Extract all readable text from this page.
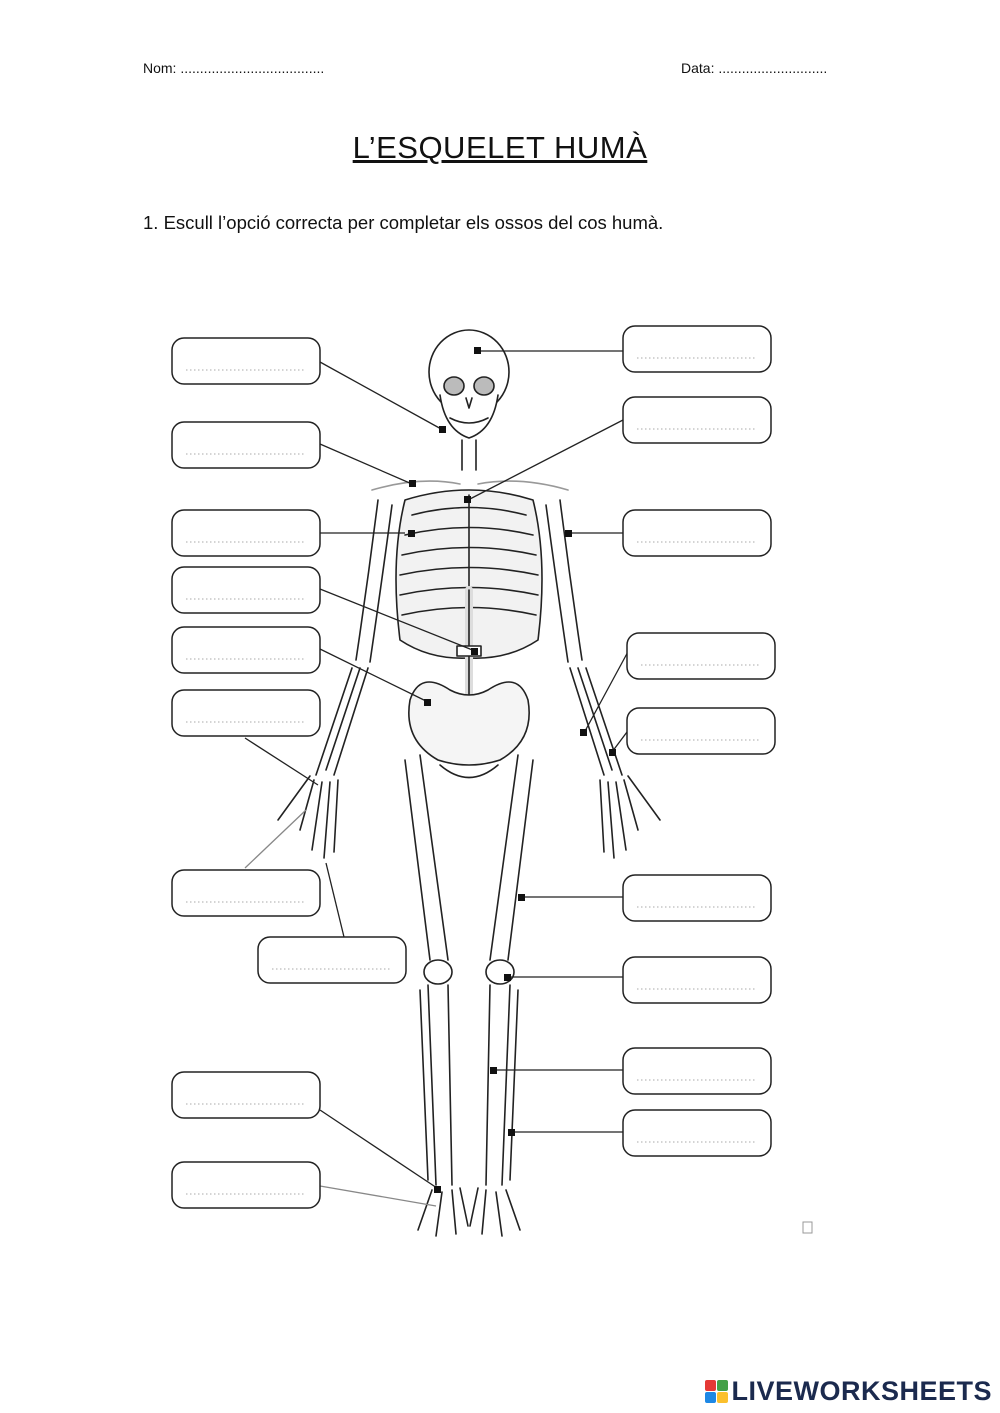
Nom: .....................................	Data: ............................
L’ESQUELET HUMÀ
1. Escull l’opció correcta per completar els ossos del cos humà.
LIVEWORKSHEETS
